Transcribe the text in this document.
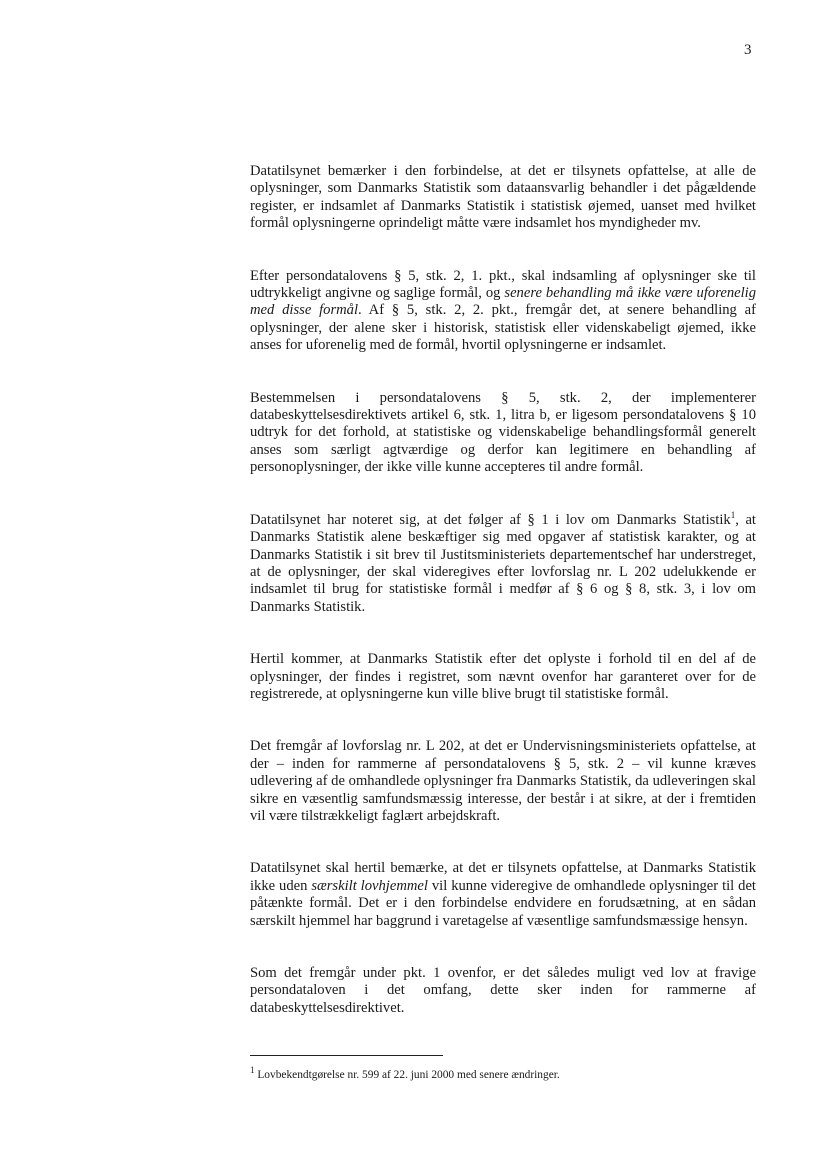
3

Datatilsynet bemærker i den forbindelse, at det er tilsynets opfattelse, at alle de oplysninger, som Danmarks Statistik som dataansvarlig behandler i det pågældende register, er indsamlet af Danmarks Statistik i statistisk øjemed, uanset med hvilket formål oplysningerne oprindeligt måtte være indsamlet hos myndigheder mv.

Efter persondatalovens § 5, stk. 2, 1. pkt., skal indsamling af oplysninger ske til udtrykkeligt angivne og saglige formål, og senere behandling må ikke være uforenelig med disse formål. Af § 5, stk. 2, 2. pkt., fremgår det, at senere behandling af oplysninger, der alene sker i historisk, statistisk eller videnskabeligt øjemed, ikke anses for uforenelig med de formål, hvortil oplysningerne er indsamlet.

Bestemmelsen i persondatalovens § 5, stk. 2, der implementerer databeskyttelsesdirektivets artikel 6, stk. 1, litra b, er ligesom persondatalovens § 10 udtryk for det forhold, at statistiske og videnskabelige behandlingsformål generelt anses som særligt agtværdige og derfor kan legitimere en behandling af personoplysninger, der ikke ville kunne accepteres til andre formål.

Datatilsynet har noteret sig, at det følger af § 1 i lov om Danmarks Statistik$^1$, at Danmarks Statistik alene beskæftiger sig med opgaver af statistisk karakter, og at Danmarks Statistik i sit brev til Justitsministeriets departementschef har understreget, at de oplysninger, der skal videregives efter lovforslag nr. L 202 udelukkende er indsamlet til brug for statistiske formål i medfør af § 6 og § 8, stk. 3, i lov om Danmarks Statistik.

Hertil kommer, at Danmarks Statistik efter det oplyste i forhold til en del af de oplysninger, der findes i registret, som nævnt ovenfor har garanteret over for de registrerede, at oplysningerne kun ville blive brugt til statistiske formål.

Det fremgår af lovforslag nr. L 202, at det er Undervisningsministeriets opfattelse, at der – inden for rammerne af persondatalovens § 5, stk. 2 – vil kunne kræves udlevering af de omhandlede oplysninger fra Danmarks Statistik, da udleveringen skal sikre en væsentlig samfundsmæssig interesse, der består i at sikre, at der i fremtiden vil være tilstrækkeligt faglært arbejdskraft.

Datatilsynet skal hertil bemærke, at det er tilsynets opfattelse, at Danmarks Statistik ikke uden særskilt lovhjemmel vil kunne videregive de omhandlede oplysninger til det påtænkte formål. Det er i den forbindelse endvidere en forudsætning, at en sådan særskilt hjemmel har baggrund i varetagelse af væsentlige samfundsmæssige hensyn.

Som det fremgår under pkt. 1 ovenfor, er det således muligt ved lov at fravige persondataloven i det omfang, dette sker inden for rammerne af databeskyttelsesdirektivet.

$^1$ Lovbekendtgørelse nr. 599 af 22. juni 2000 med senere ændringer.
